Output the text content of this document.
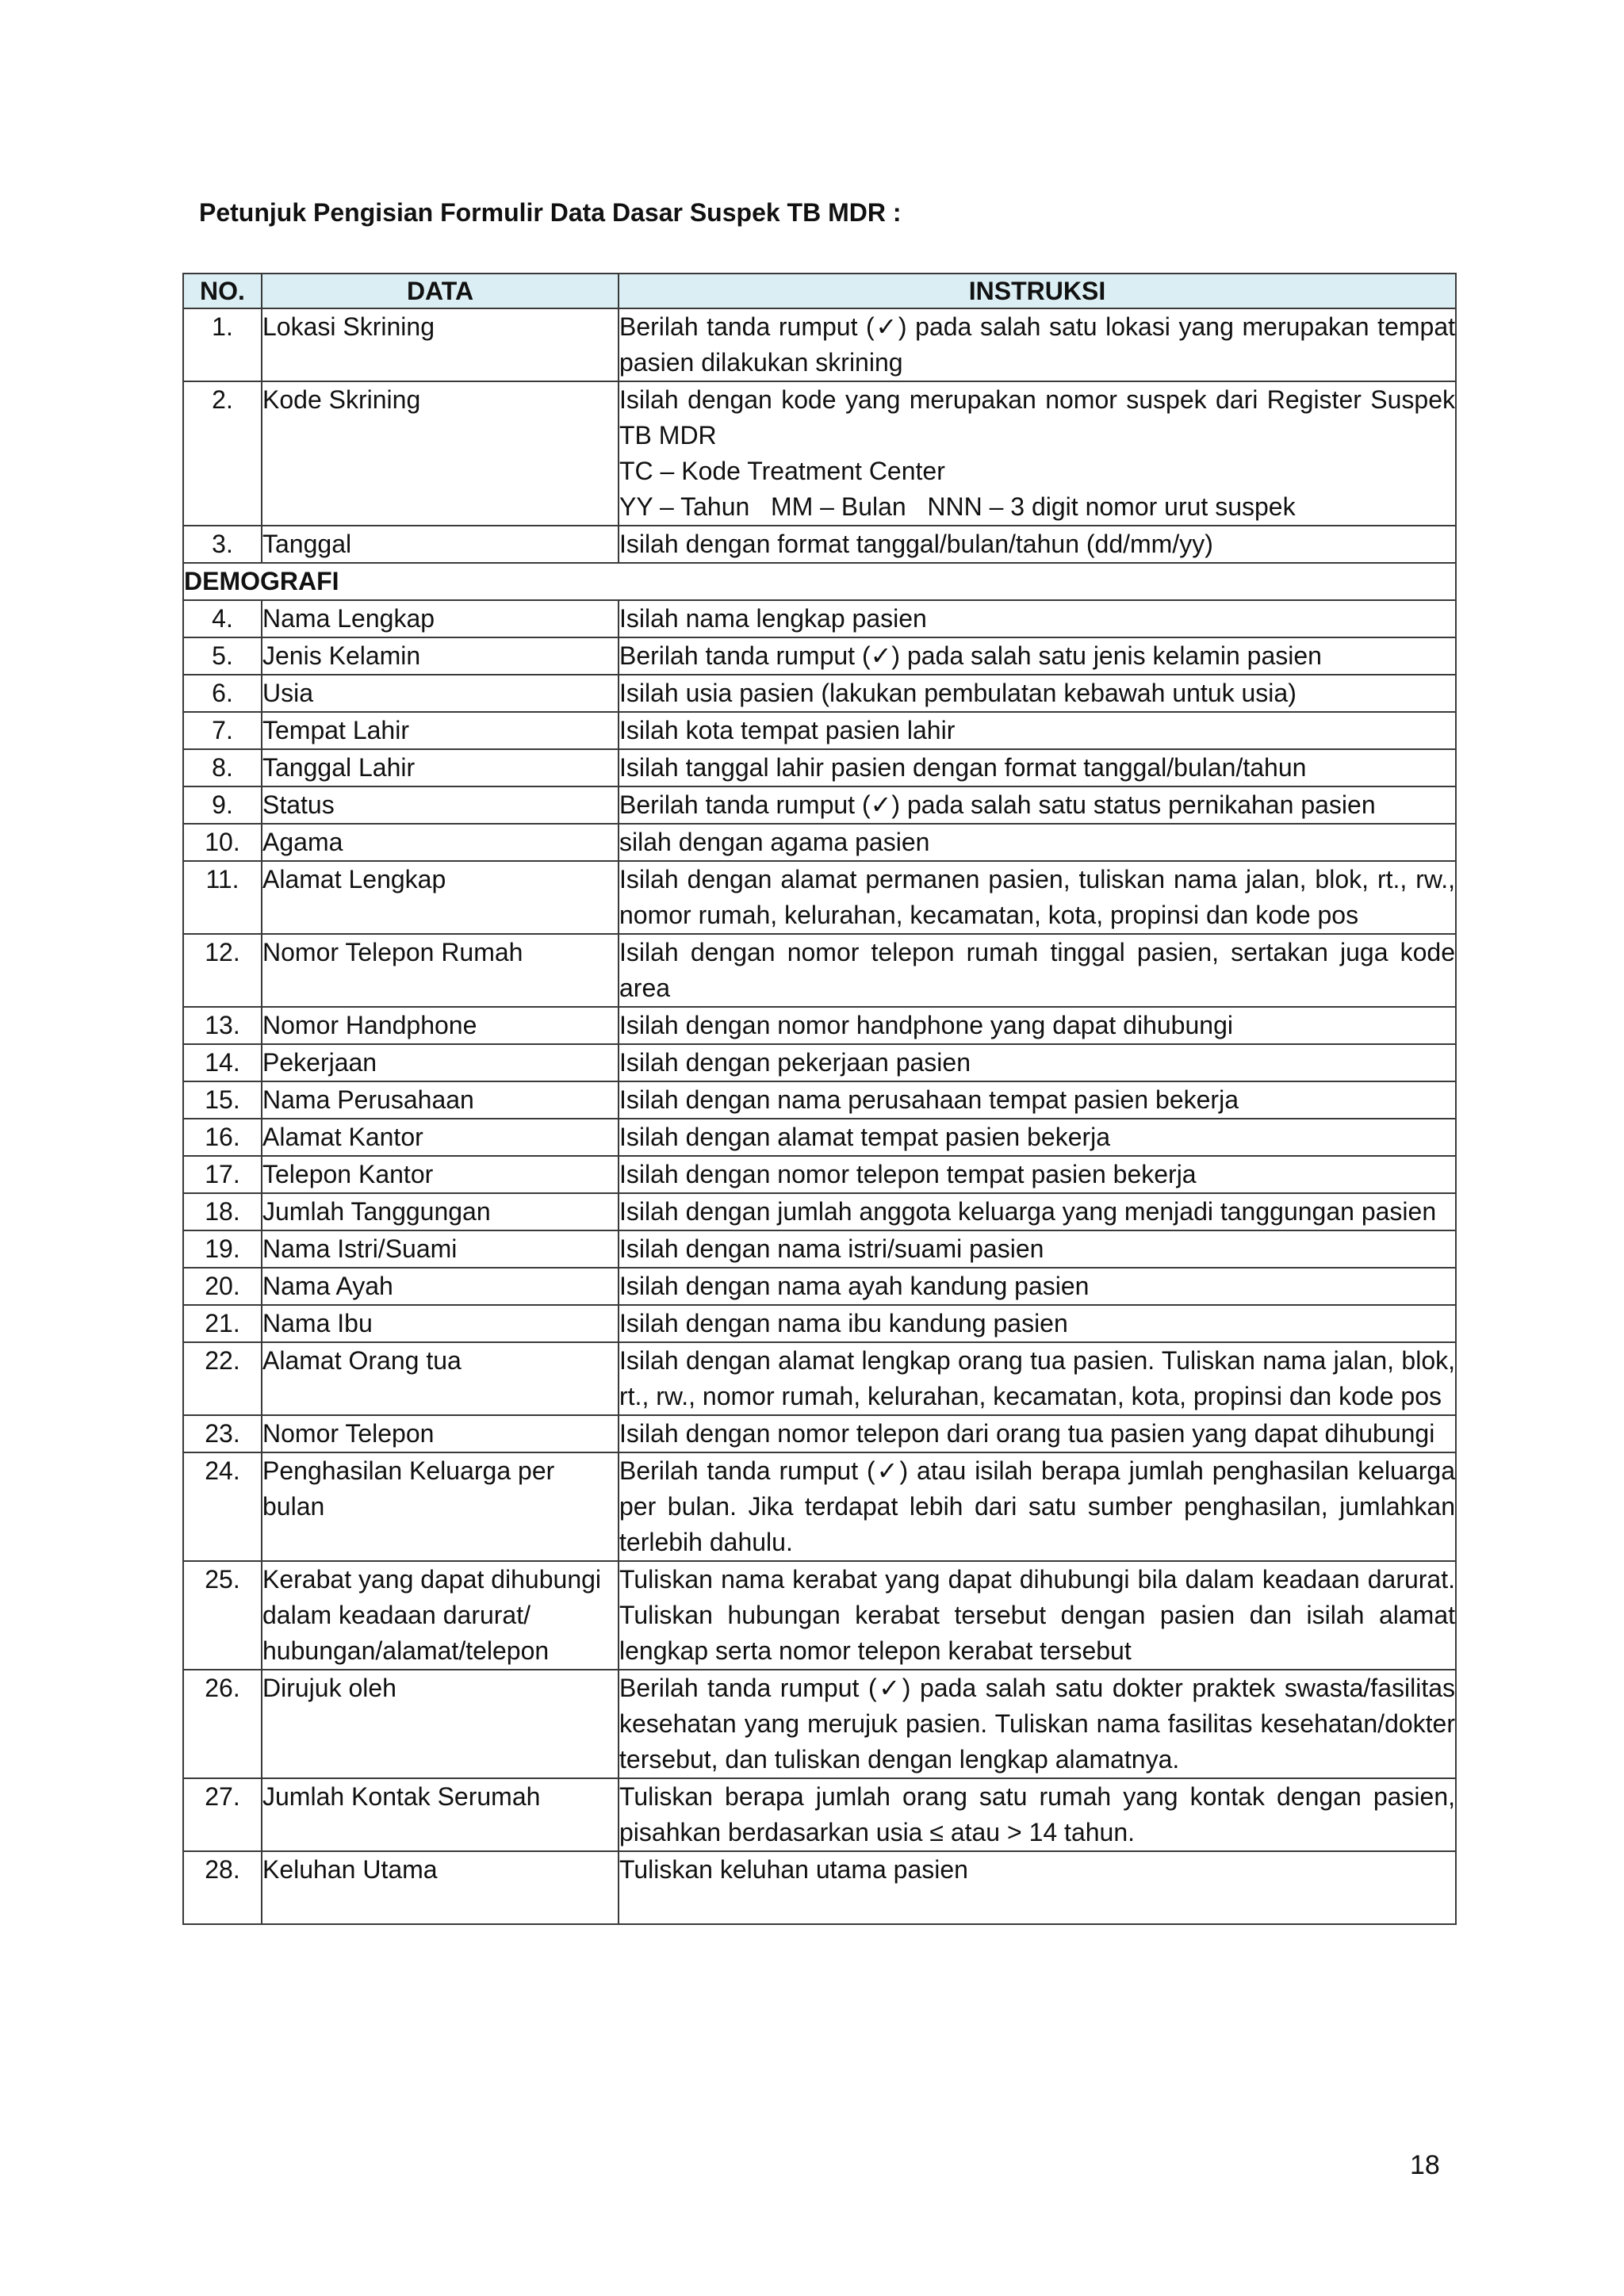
Petunjuk Pengisian Formulir Data Dasar Suspek TB MDR :
NO.	DATA	INSTRUKSI
1.	Lokasi Skrining	Berilah tanda rumput (✓) pada salah satu lokasi yang merupakan tempat pasien dilakukan skrining
2.	Kode Skrining	Isilah dengan kode yang merupakan nomor suspek dari Register Suspek TB MDR
TC – Kode Treatment Center
YY – Tahun   MM – Bulan   NNN – 3 digit nomor urut suspek

3.	Tanggal	Isilah dengan format tanggal/bulan/tahun (dd/mm/yy)
DEMOGRAFI		
4.	Nama Lengkap	Isilah nama lengkap pasien
5.	Jenis Kelamin	Berilah tanda rumput (✓) pada salah satu jenis kelamin pasien
6.	Usia	Isilah usia pasien (lakukan pembulatan kebawah untuk usia)
7.	Tempat Lahir	Isilah kota tempat pasien lahir
8.	Tanggal Lahir	Isilah tanggal lahir pasien dengan format tanggal/bulan/tahun
9.	Status	Berilah tanda rumput (✓) pada salah satu status pernikahan pasien
10.	Agama	silah dengan agama pasien
11.	Alamat Lengkap	Isilah dengan alamat permanen pasien, tuliskan nama jalan, blok, rt., rw., nomor rumah, kelurahan, kecamatan, kota, propinsi dan kode pos
12.	Nomor Telepon Rumah	Isilah dengan nomor telepon rumah tinggal pasien, sertakan juga kode area
13.	Nomor Handphone	Isilah dengan nomor handphone yang dapat dihubungi
14.	Pekerjaan	Isilah dengan pekerjaan pasien
15.	Nama Perusahaan	Isilah dengan nama perusahaan tempat pasien bekerja
16.	Alamat Kantor	Isilah dengan alamat tempat pasien bekerja
17.	Telepon Kantor	Isilah dengan nomor telepon tempat pasien bekerja
18.	Jumlah Tanggungan	Isilah dengan jumlah anggota keluarga yang menjadi tanggungan pasien
19.	Nama Istri/Suami	Isilah dengan nama istri/suami pasien
20.	Nama Ayah	Isilah dengan nama ayah kandung pasien
21.	Nama Ibu	Isilah dengan nama ibu kandung pasien
22.	Alamat Orang tua	Isilah dengan alamat lengkap orang tua pasien. Tuliskan nama jalan, blok, rt., rw., nomor rumah, kelurahan, kecamatan, kota, propinsi dan kode pos
23.	Nomor Telepon	Isilah dengan nomor telepon dari orang tua pasien yang dapat dihubungi
24.	Penghasilan Keluarga per bulan	Berilah tanda rumput (✓) atau isilah berapa jumlah penghasilan keluarga per bulan. Jika terdapat lebih dari satu sumber penghasilan, jumlahkan terlebih dahulu.
25.	Kerabat yang dapat dihubungi dalam keadaan darurat/ hubungan/alamat/telepon	Tuliskan nama kerabat yang dapat dihubungi bila dalam keadaan darurat. Tuliskan hubungan kerabat tersebut dengan pasien dan isilah alamat lengkap serta nomor telepon kerabat tersebut
26.	Dirujuk oleh	Berilah tanda rumput (✓) pada salah satu dokter praktek swasta/fasilitas kesehatan yang merujuk pasien. Tuliskan nama fasilitas kesehatan/dokter tersebut, dan tuliskan dengan lengkap alamatnya.
27.	Jumlah Kontak Serumah	Tuliskan berapa jumlah orang satu rumah yang kontak dengan pasien, pisahkan berdasarkan usia ≤ atau > 14 tahun.
28.	Keluhan Utama	Tuliskan keluhan utama pasien
18
